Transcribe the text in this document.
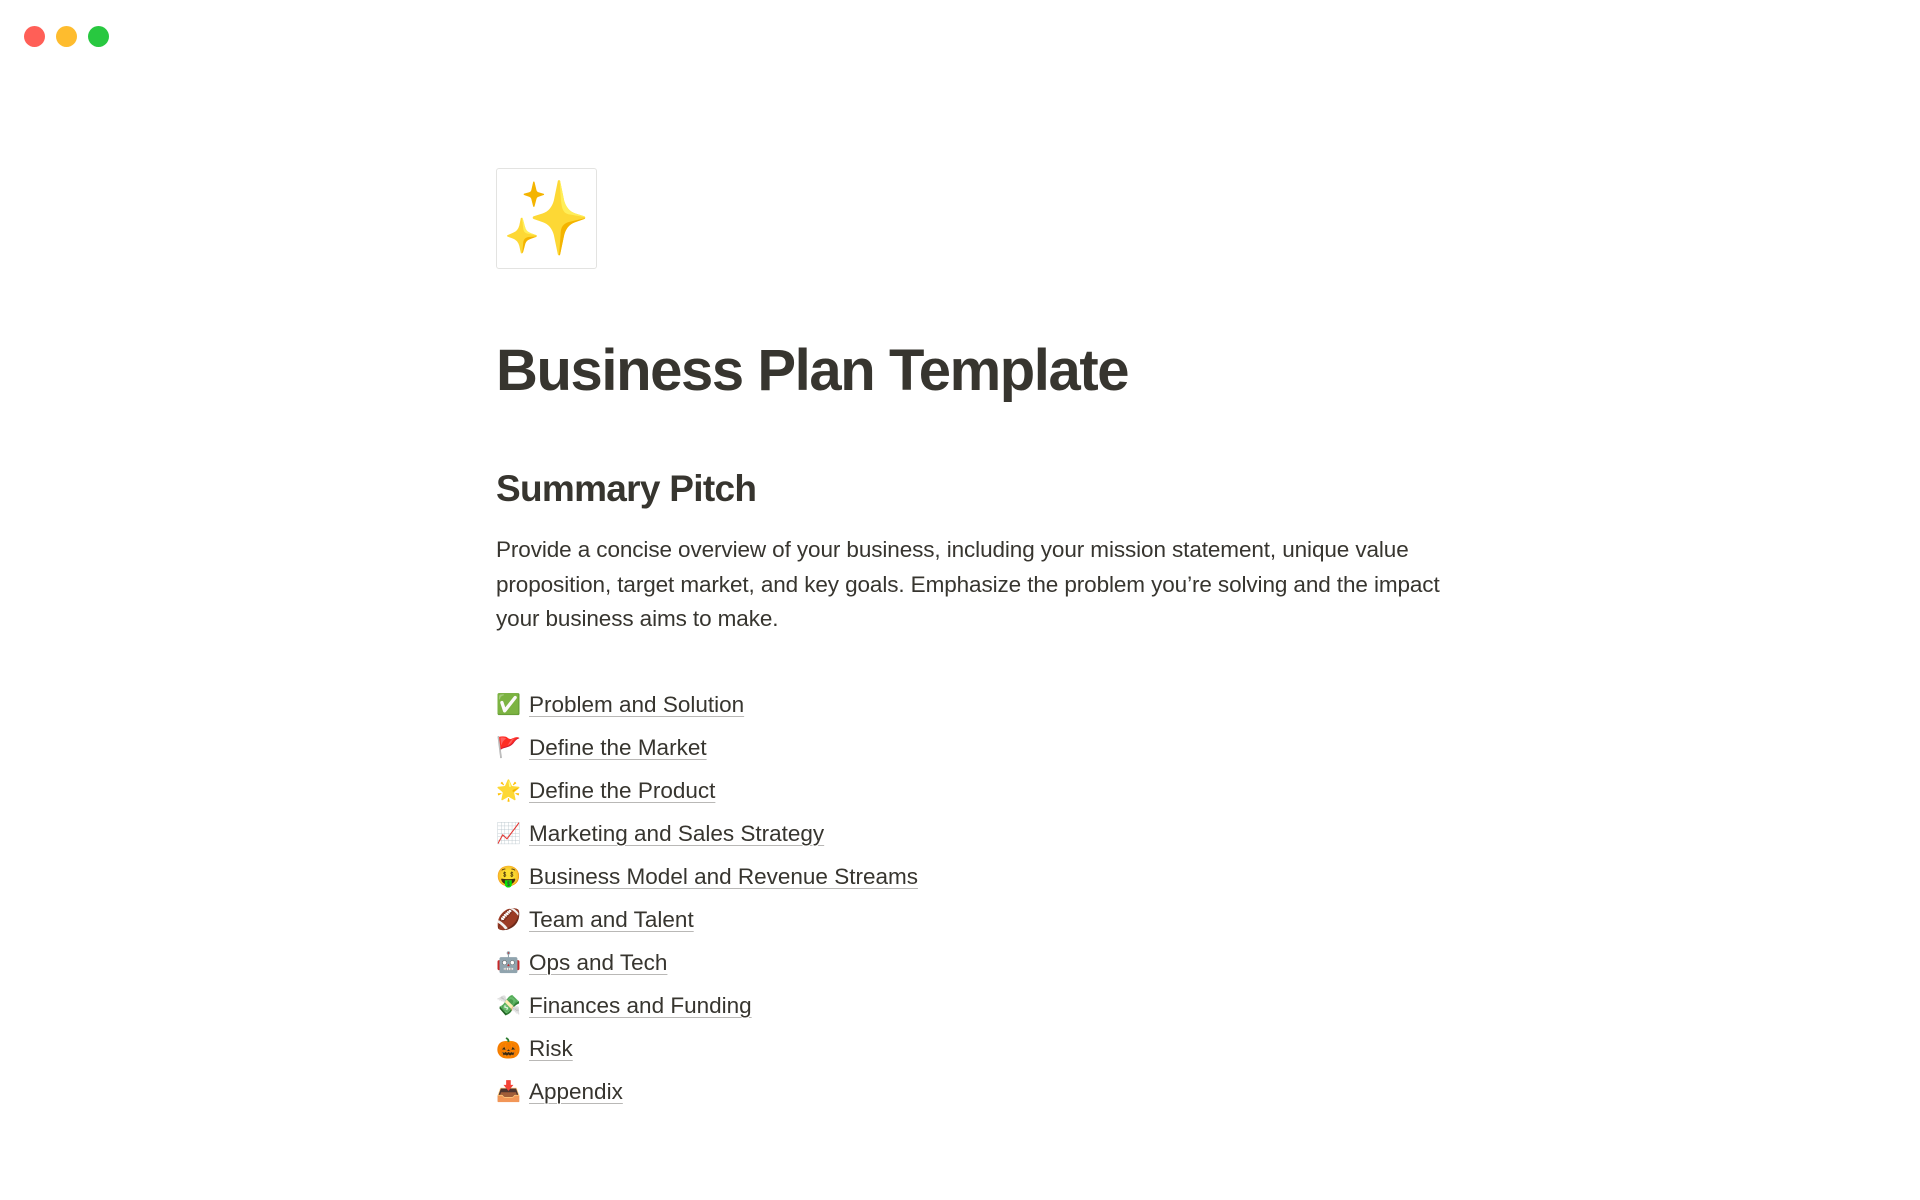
✨
Business Plan Template
Summary Pitch

Provide a concise overview of your business, including your mission statement, unique value proposition, target market, and key goals. Emphasize the problem you’re solving and the impact your business aims to make.

✅ Problem and Solution
🚩 Define the Market
🌟 Define the Product
📈 Marketing and Sales Strategy
🤑 Business Model and Revenue Streams
🏈 Team and Talent
🤖 Ops and Tech
💸 Finances and Funding
🎃 Risk
📥 Appendix
